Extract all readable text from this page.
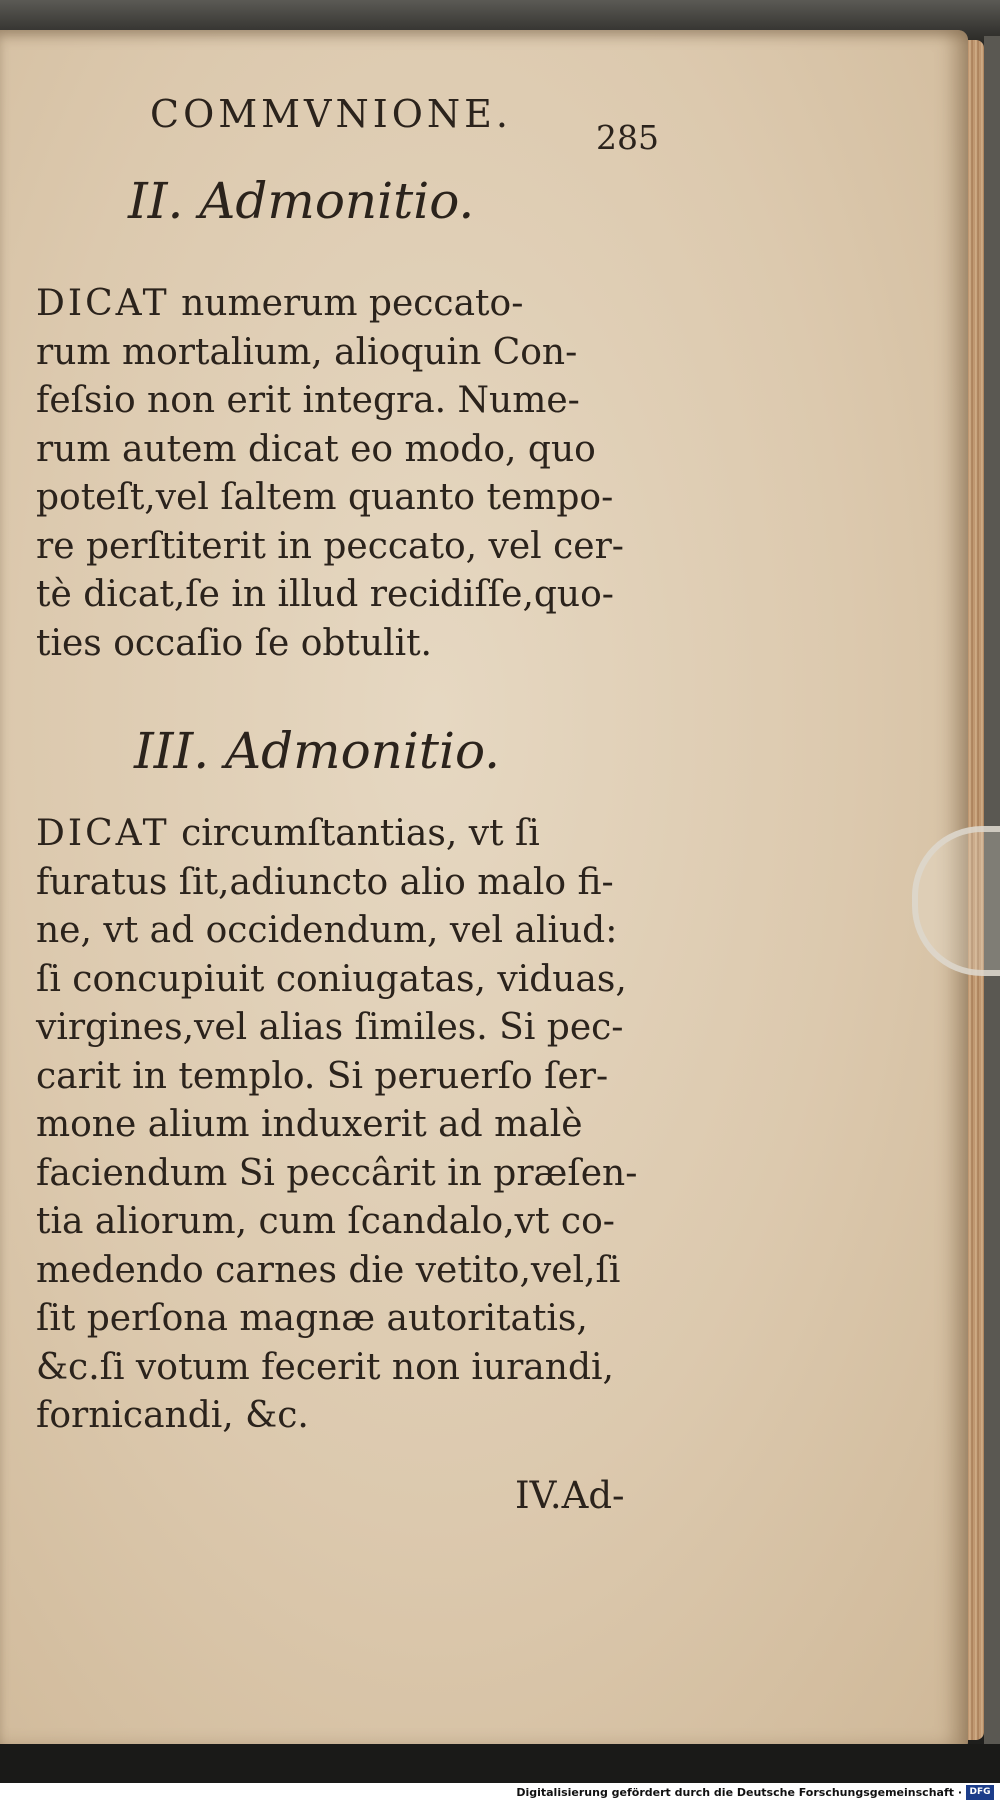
COMMVNIONE.
285
II. Admonitio.
DICAT numerum peccato-
rum mortalium, alioquin Con-
feſsio non erit integra. Nume-
rum autem dicat eo modo, quo
poteſt,vel ſaltem quanto tempo-
re perſtiterit in peccato, vel cer-
tè dicat,ſe in illud recidiſſe,quo-
ties occaſio ſe obtulit.
III. Admonitio.
DICAT circumſtantias, vt ſi
furatus ſit,adiuncto alio malo fi-
ne, vt ad occidendum, vel aliud:
ſi concupiuit coniugatas, viduas,
virgines,vel alias ſimiles. Si pec-
carit in templo. Si peruerſo ſer-
mone alium induxerit ad malè
faciendum Si peccârit in præſen-
tia aliorum, cum ſcandalo,vt co-
medendo carnes die vetito,vel,ſi
ſit perſona magnæ autoritatis,
&c.ſi votum fecerit non iurandi,
fornicandi, &c.
IV.Ad-
Digitalisierung gefördert durch die Deutsche Forschungsgemeinschaft · DFG
